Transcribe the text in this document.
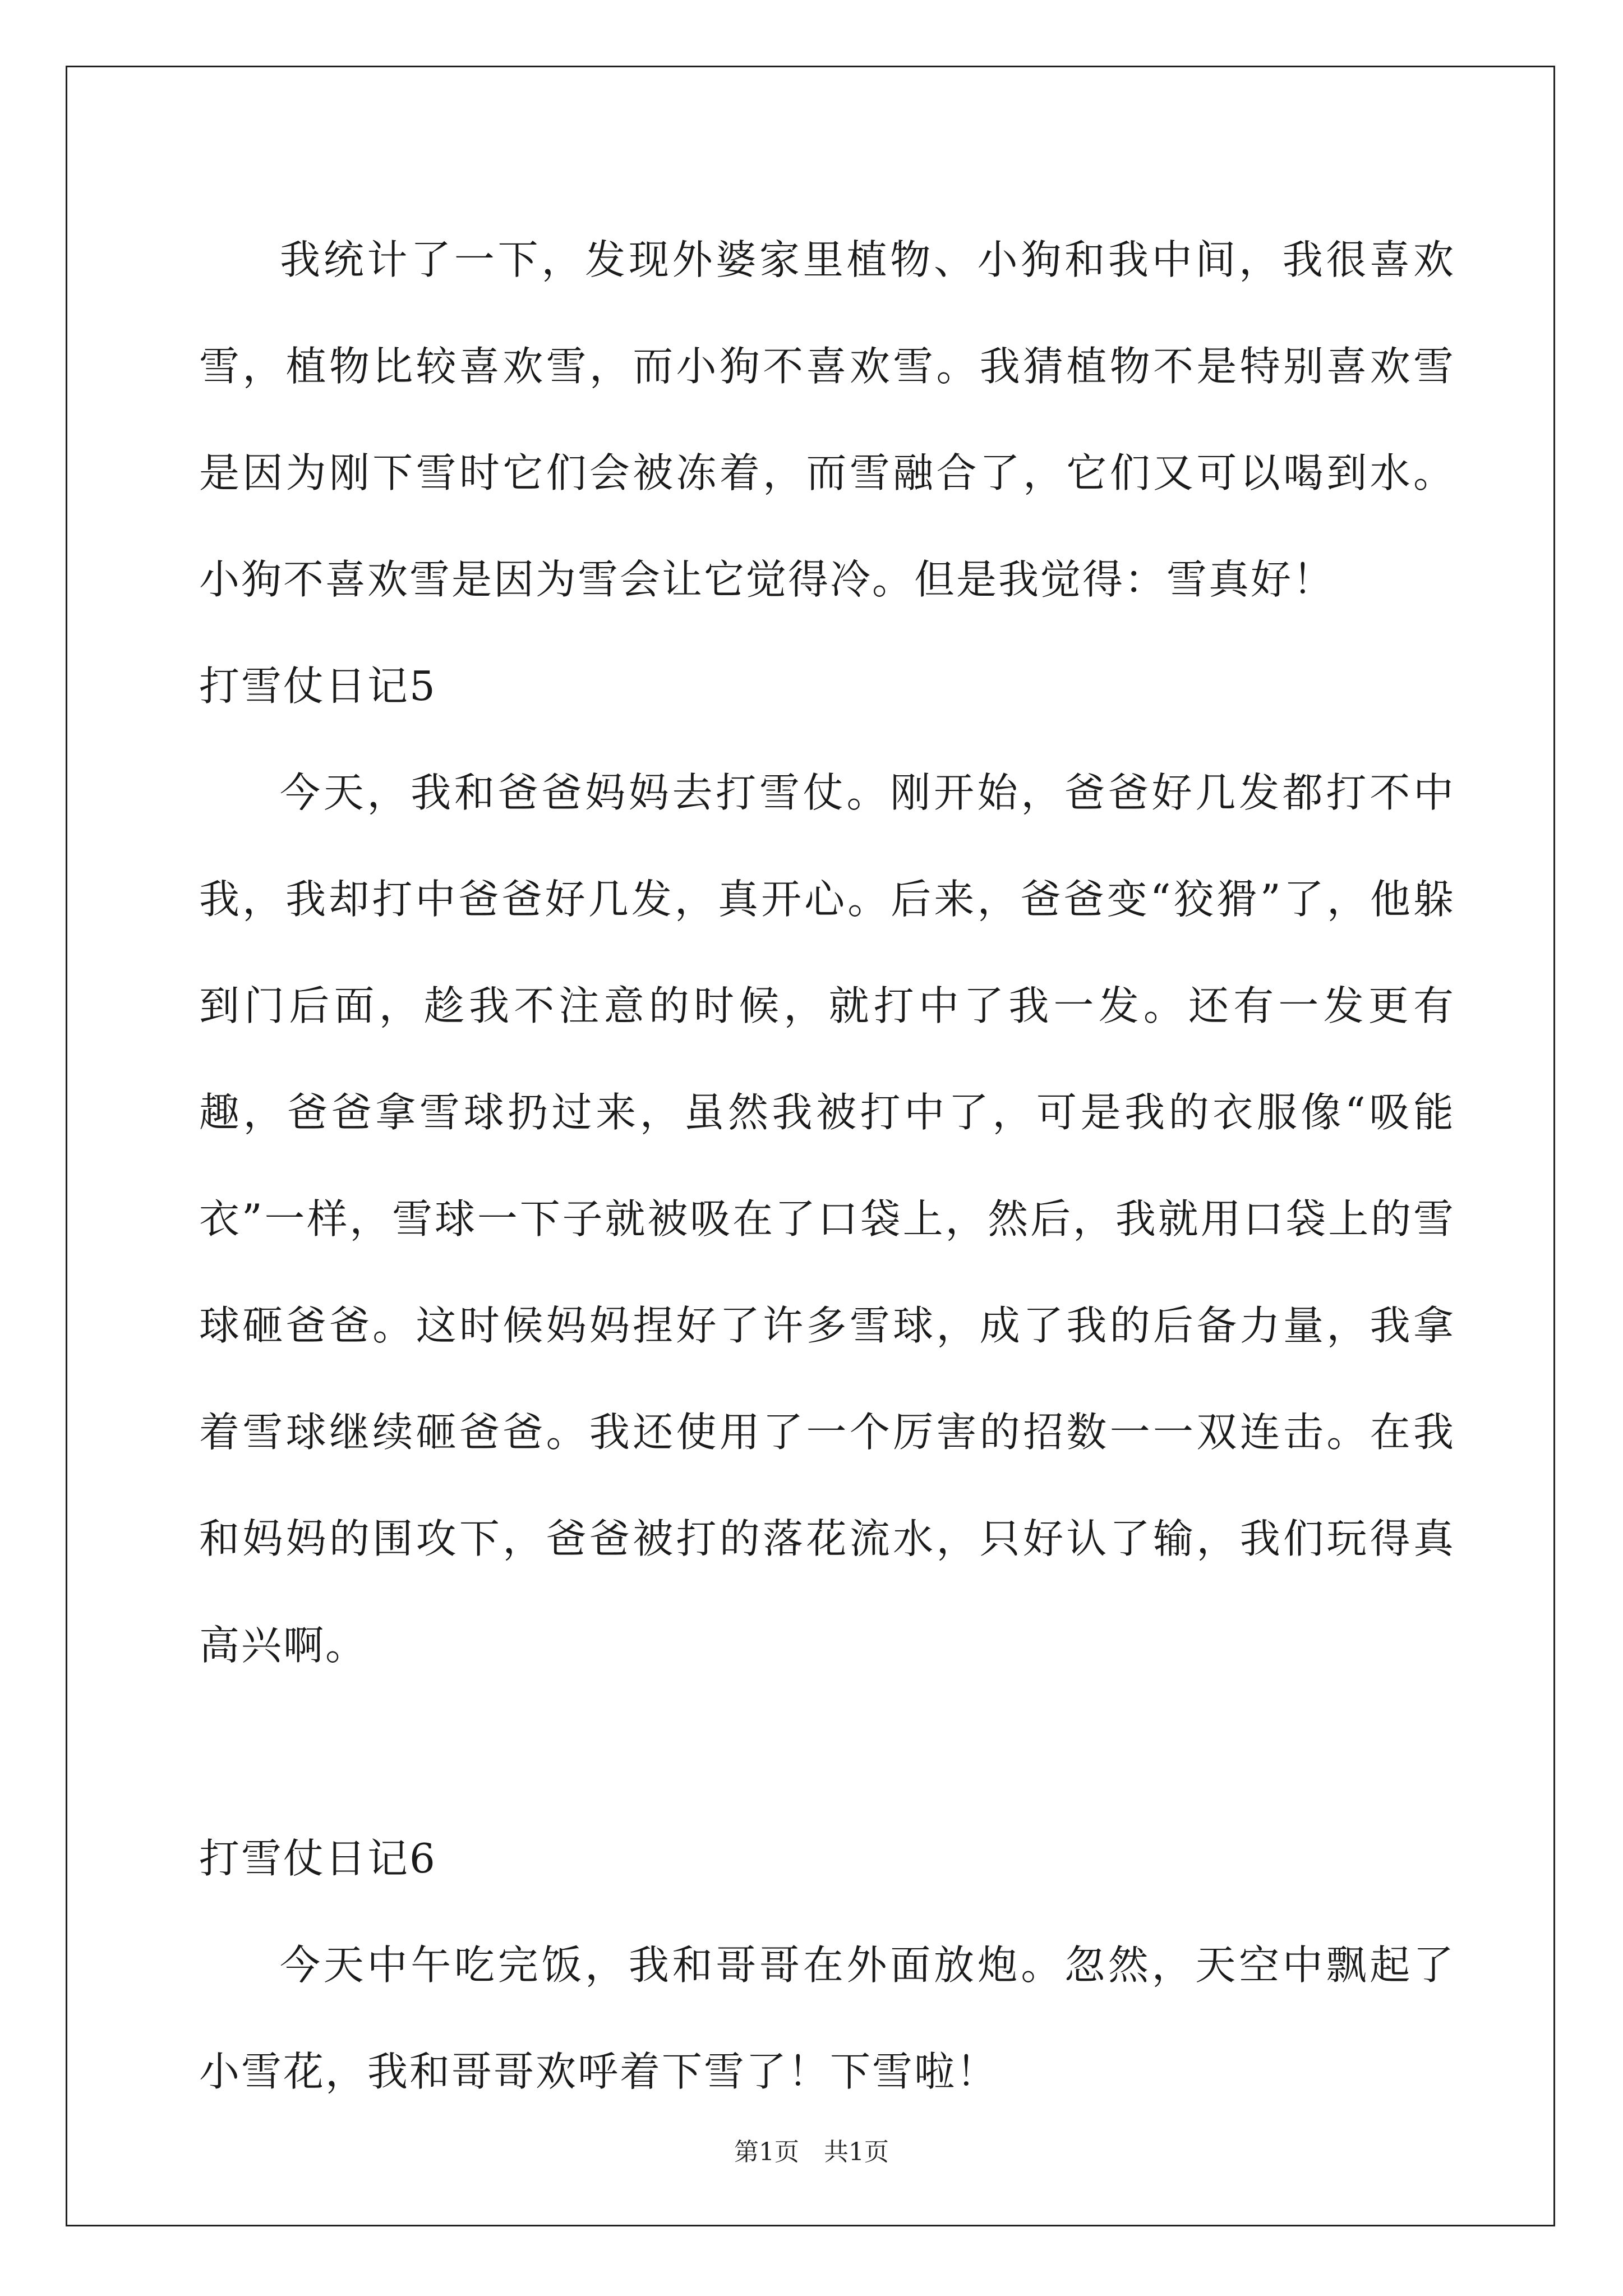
我统计了一下，发现外婆家里植物、小狗和我中间，我很喜欢雪，植物比较喜欢雪，而小狗不喜欢雪。我猜植物不是特别喜欢雪是因为刚下雪时它们会被冻着，而雪融合了，它们又可以喝到水。小狗不喜欢雪是因为雪会让它觉得冷。但是我觉得：雪真好！

打雪仗日记5

今天，我和爸爸妈妈去打雪仗。刚开始，爸爸好几发都打不中我，我却打中爸爸好几发，真开心。后来，爸爸变“狡猾”了，他躲到门后面，趁我不注意的时候，就打中了我一发。还有一发更有趣，爸爸拿雪球扔过来，虽然我被打中了，可是我的衣服像“吸能衣”一样，雪球一下子就被吸在了口袋上，然后，我就用口袋上的雪球砸爸爸。这时候妈妈捏好了许多雪球，成了我的后备力量，我拿着雪球继续砸爸爸。我还使用了一个厉害的招数一一双连击。在我和妈妈的围攻下，爸爸被打的落花流水，只好认了输，我们玩得真高兴啊。

打雪仗日记6

今天中午吃完饭，我和哥哥在外面放炮。忽然，天空中飘起了小雪花，我和哥哥欢呼着下雪了！下雪啦！

第1页　共1页
